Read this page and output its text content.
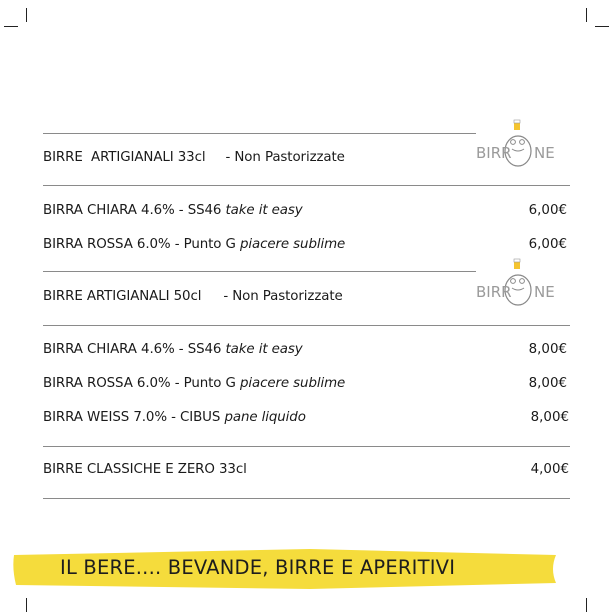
BIRRE  ARTIGIANALI 33cl - Non Pastorizzate	BIRR NE
BIRRA CHIARA 4.6% - SS46 take it easy	6,00€
BIRRA ROSSA 6.0% - Punto G piacere sublime	6,00€
BIRRE ARTIGIANALI 50cl - Non Pastorizzate	BIRR NE
BIRRA CHIARA 4.6% - SS46 take it easy	8,00€
BIRRA ROSSA 6.0% - Punto G piacere sublime	8,00€
BIRRA WEISS 7.0% - CIBUS pane liquido	8,00€
BIRRE CLASSICHE E ZERO 33cl	4,00€
IL BERE.... BEVANDE, BIRRE E APERITIVI
